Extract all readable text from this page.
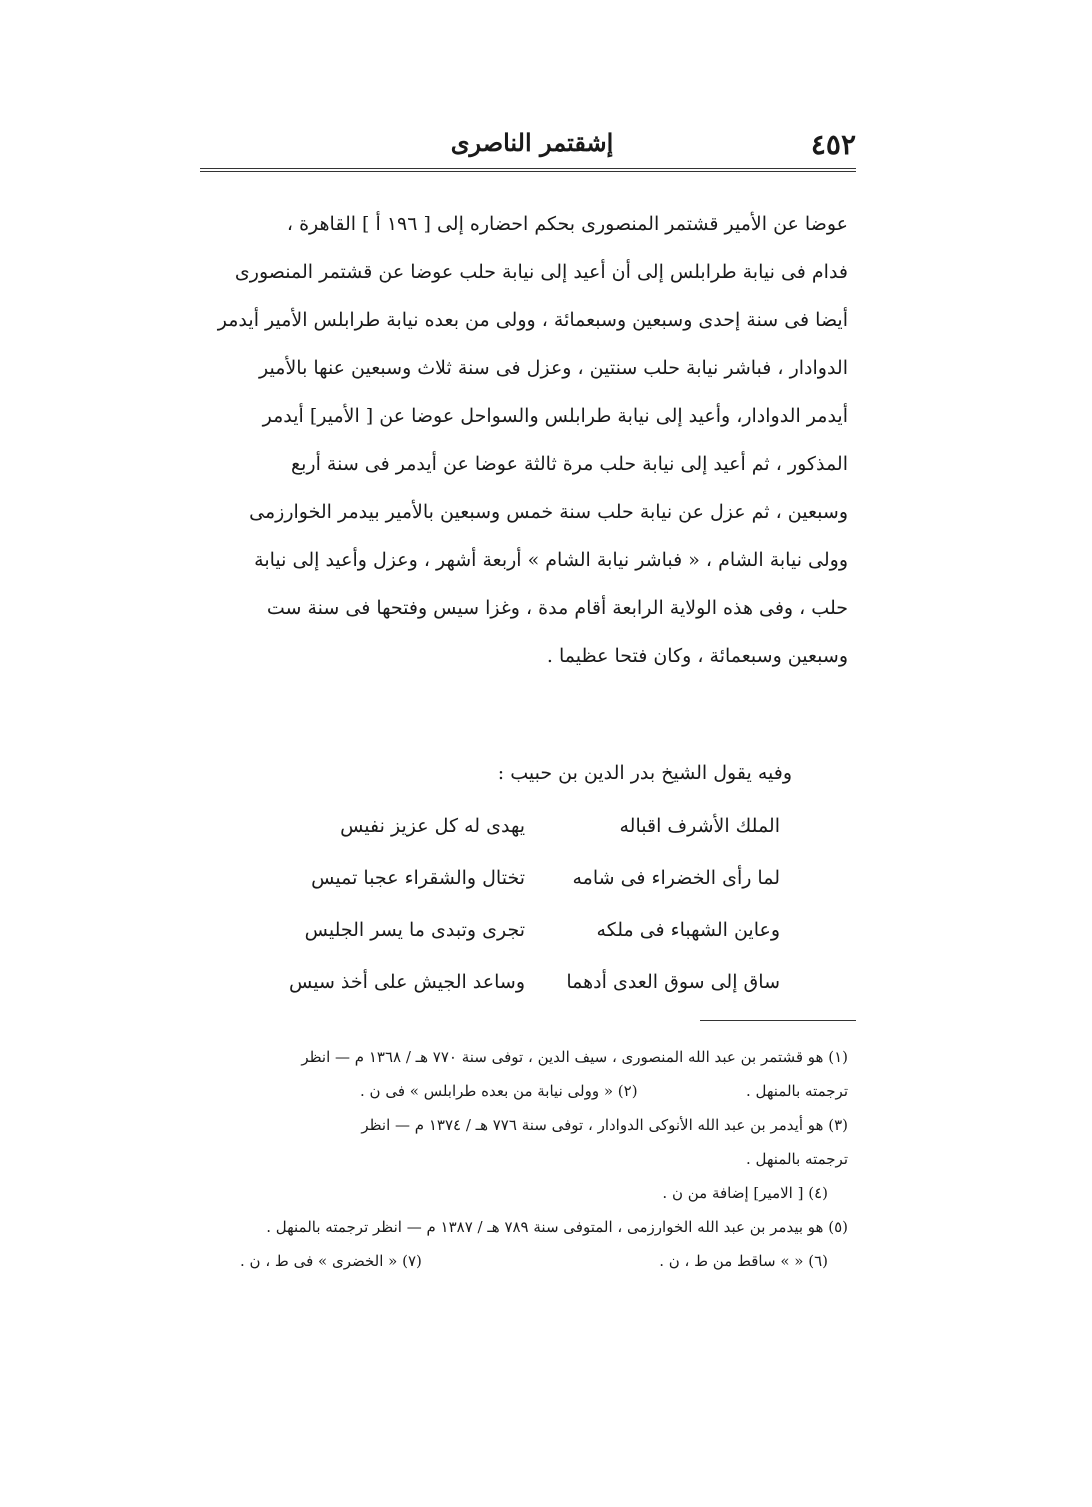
٤٥٢
إشقتمر الناصرى

عوضا عن الأمير قشتمر المنصورى بحكم احضاره إلى [ ١٩٦ أ ] القاهرة ،

فدام فى نيابة طرابلس إلى أن أعيد إلى نيابة حلب عوضا عن قشتمر المنصورى

أيضا فى سنة إحدى وسبعين وسبعمائة ، وولى من بعده نيابة طرابلس الأمير أيدمر

الدوادار ، فباشر نيابة حلب سنتين ، وعزل فى سنة ثلاث وسبعين عنها بالأمير

أيدمر الدوادار، وأعيد إلى نيابة طرابلس والسواحل عوضا عن [ الأمير] أيدمر

المذكور ، ثم أعيد إلى نيابة حلب مرة ثالثة عوضا عن أيدمر فى سنة أربع

وسبعين ، ثم عزل عن نيابة حلب سنة خمس وسبعين بالأمير بيدمر الخوارزمى

وولى نيابة الشام ، « فباشر نيابة الشام » أربعة أشهر ، وعزل وأعيد إلى نيابة

حلب ، وفى هذه الولاية الرابعة أقام مدة ، وغزا سيس وفتحها فى سنة ست

وسبعين وسبعمائة ، وكان فتحا عظيما .

وفيه يقول الشيخ بدر الدين بن حبيب :
الملك الأشرف اقباله
يهدى له كل عزيز نفيس
لما رأى الخضراء فى شامه
تختال والشقراء عجبا تميس
وعاين الشهباء فى ملكه
تجرى وتبدى ما يسر الجليس
ساق إلى سوق العدى أدهما
وساعد الجيش على أخذ سيس

(١) هو قشتمر بن عبد الله المنصورى ، سيف الدين ، توفى سنة ٧٧٠ هـ / ١٣٦٨ م — انظر

ترجمته بالمنهل .
(٢) « وولى نيابة من بعده طرابلس » فى ن .

(٣) هو أيدمر بن عبد الله الأنوكى الدوادار ، توفى سنة ٧٧٦ هـ / ١٣٧٤ م — انظر

ترجمته بالمنهل .

(٤) [ الامير] إضافة من ن .

(٥) هو بيدمر بن عبد الله الخوارزمى ، المتوفى سنة ٧٨٩ هـ / ١٣٨٧ م — انظر ترجمته بالمنهل .

(٦) « » ساقط من ط ، ن .
(٧) « الخضرى » فى ط ، ن .
